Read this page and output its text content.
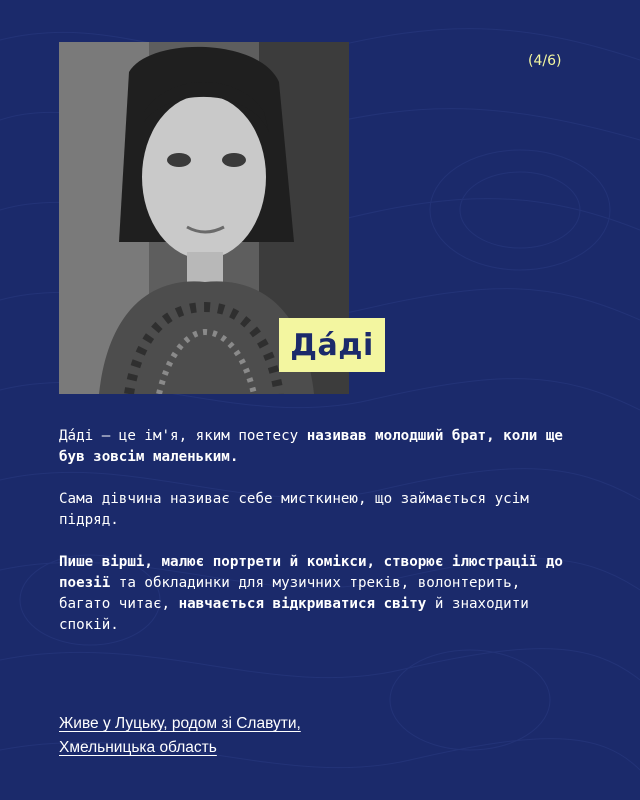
(4/6)
Да́ді

Да́ді – це ім'я, яким поетесу називав молодший брат, коли ще був зовсім маленьким.

Сама дівчина називає себе мисткинею, що займається усім підряд.

Пише вірші, малює портрети й комікси, створює ілюстрації до поезії та обкладинки для музичних треків, волонтерить, багато читає, навчається відкриватися світу й знаходити спокій.

Живе у Луцьку, родом зі Славути,
Хмельницька область
